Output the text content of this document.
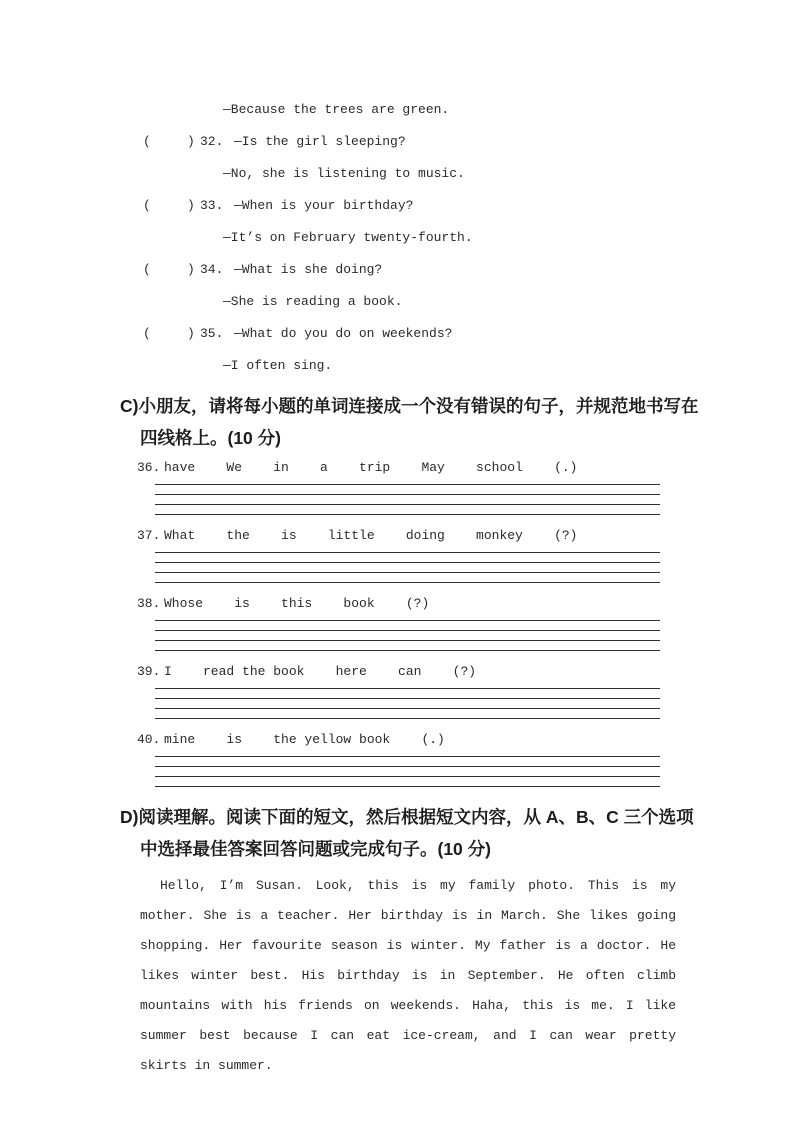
—Because the trees are green.
(	) 32. —Is the girl sleeping?
—No, she is listening to music.
(	) 33. —When is your birthday?
—It’s on February twenty-fourth.
(	) 34. —What is she doing?
—She is reading a book.
(	) 35. —What do you do on weekends?
—I often sing.
C)小朋友，请将每小题的单词连接成一个没有错误的句子，并规范地书写在四线格上。(10 分)
36. have    We    in    a    trip    May    school    (.)
37. What    the    is    little    doing    monkey    (?)
38. Whose    is    this    book    (?)
39. I    read the book    here    can    (?)
40. mine    is    the yellow book    (.)
D)阅读理解。阅读下面的短文，然后根据短文内容，从 A、B、C 三个选项中选择最佳答案回答问题或完成句子。(10 分)

Hello, I’m Susan. Look, this is my family photo. This is my mother. She is a teacher. Her birthday is in March. She likes going shopping. Her favourite season is winter. My father is a doctor. He likes winter best. His birthday is in September. He often climb mountains with his friends on weekends. Haha, this is me. I like summer best because I can eat ice-cream, and I can wear pretty skirts in summer.
